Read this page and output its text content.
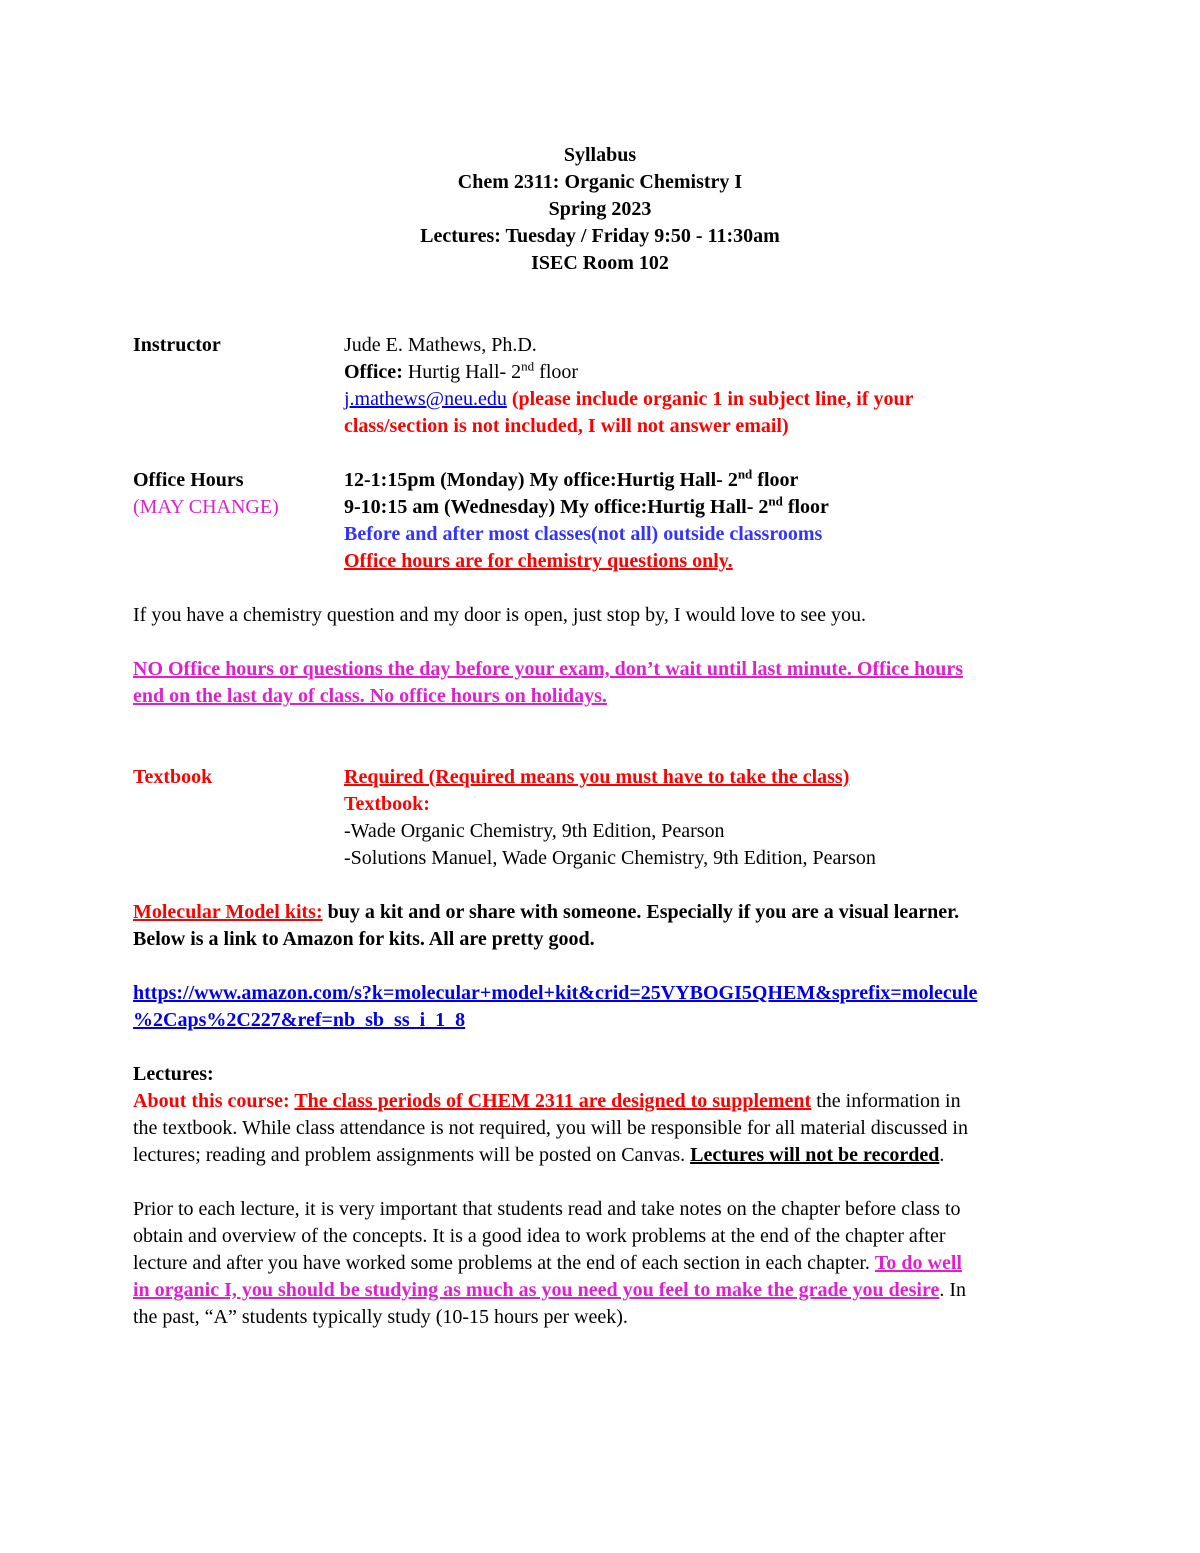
Syllabus
Chem 2311: Organic Chemistry I
Spring 2023
Lectures: Tuesday / Friday 9:50 - 11:30am
ISEC Room 102
Instructor	Jude E. Mathews, Ph.D.
Office: Hurtig Hall- 2nd floor
j.mathews@neu.edu (please include organic 1 in subject line, if your
class/section is not included, I will not answer email)
Office Hours
(MAY CHANGE)
12-1:15pm (Monday) My office:Hurtig Hall- 2nd floor
9-10:15 am (Wednesday) My office:Hurtig Hall- 2nd floor
Before and after most classes(not all) outside classrooms
Office hours are for chemistry questions only.
If you have a chemistry question and my door is open, just stop by, I would love to see you.
NO Office hours or questions the day before your exam, don’t wait until last minute. Office hours
end on the last day of class. No office hours on holidays.
Textbook	Required (Required means you must have to take the class)
Textbook:
-Wade Organic Chemistry, 9th Edition, Pearson
-Solutions Manuel, Wade Organic Chemistry, 9th Edition, Pearson
Molecular Model kits: buy a kit and or share with someone. Especially if you are a visual learner.
Below is a link to Amazon for kits. All are pretty good.
https://www.amazon.com/s?k=molecular+model+kit&crid=25VYBOGI5QHEM&sprefix=molecule
%2Caps%2C227&ref=nb_sb_ss_i_1_8
Lectures:
About this course: The class periods of CHEM 2311 are designed to supplement the information in
the textbook. While class attendance is not required, you will be responsible for all material discussed in
lectures; reading and problem assignments will be posted on Canvas. Lectures will not be recorded.
Prior to each lecture, it is very important that students read and take notes on the chapter before class to
obtain and overview of the concepts. It is a good idea to work problems at the end of the chapter after
lecture and after you have worked some problems at the end of each section in each chapter. To do well
in organic I, you should be studying as much as you need you feel to make the grade you desire. In
the past, “A” students typically study (10-15 hours per week).
